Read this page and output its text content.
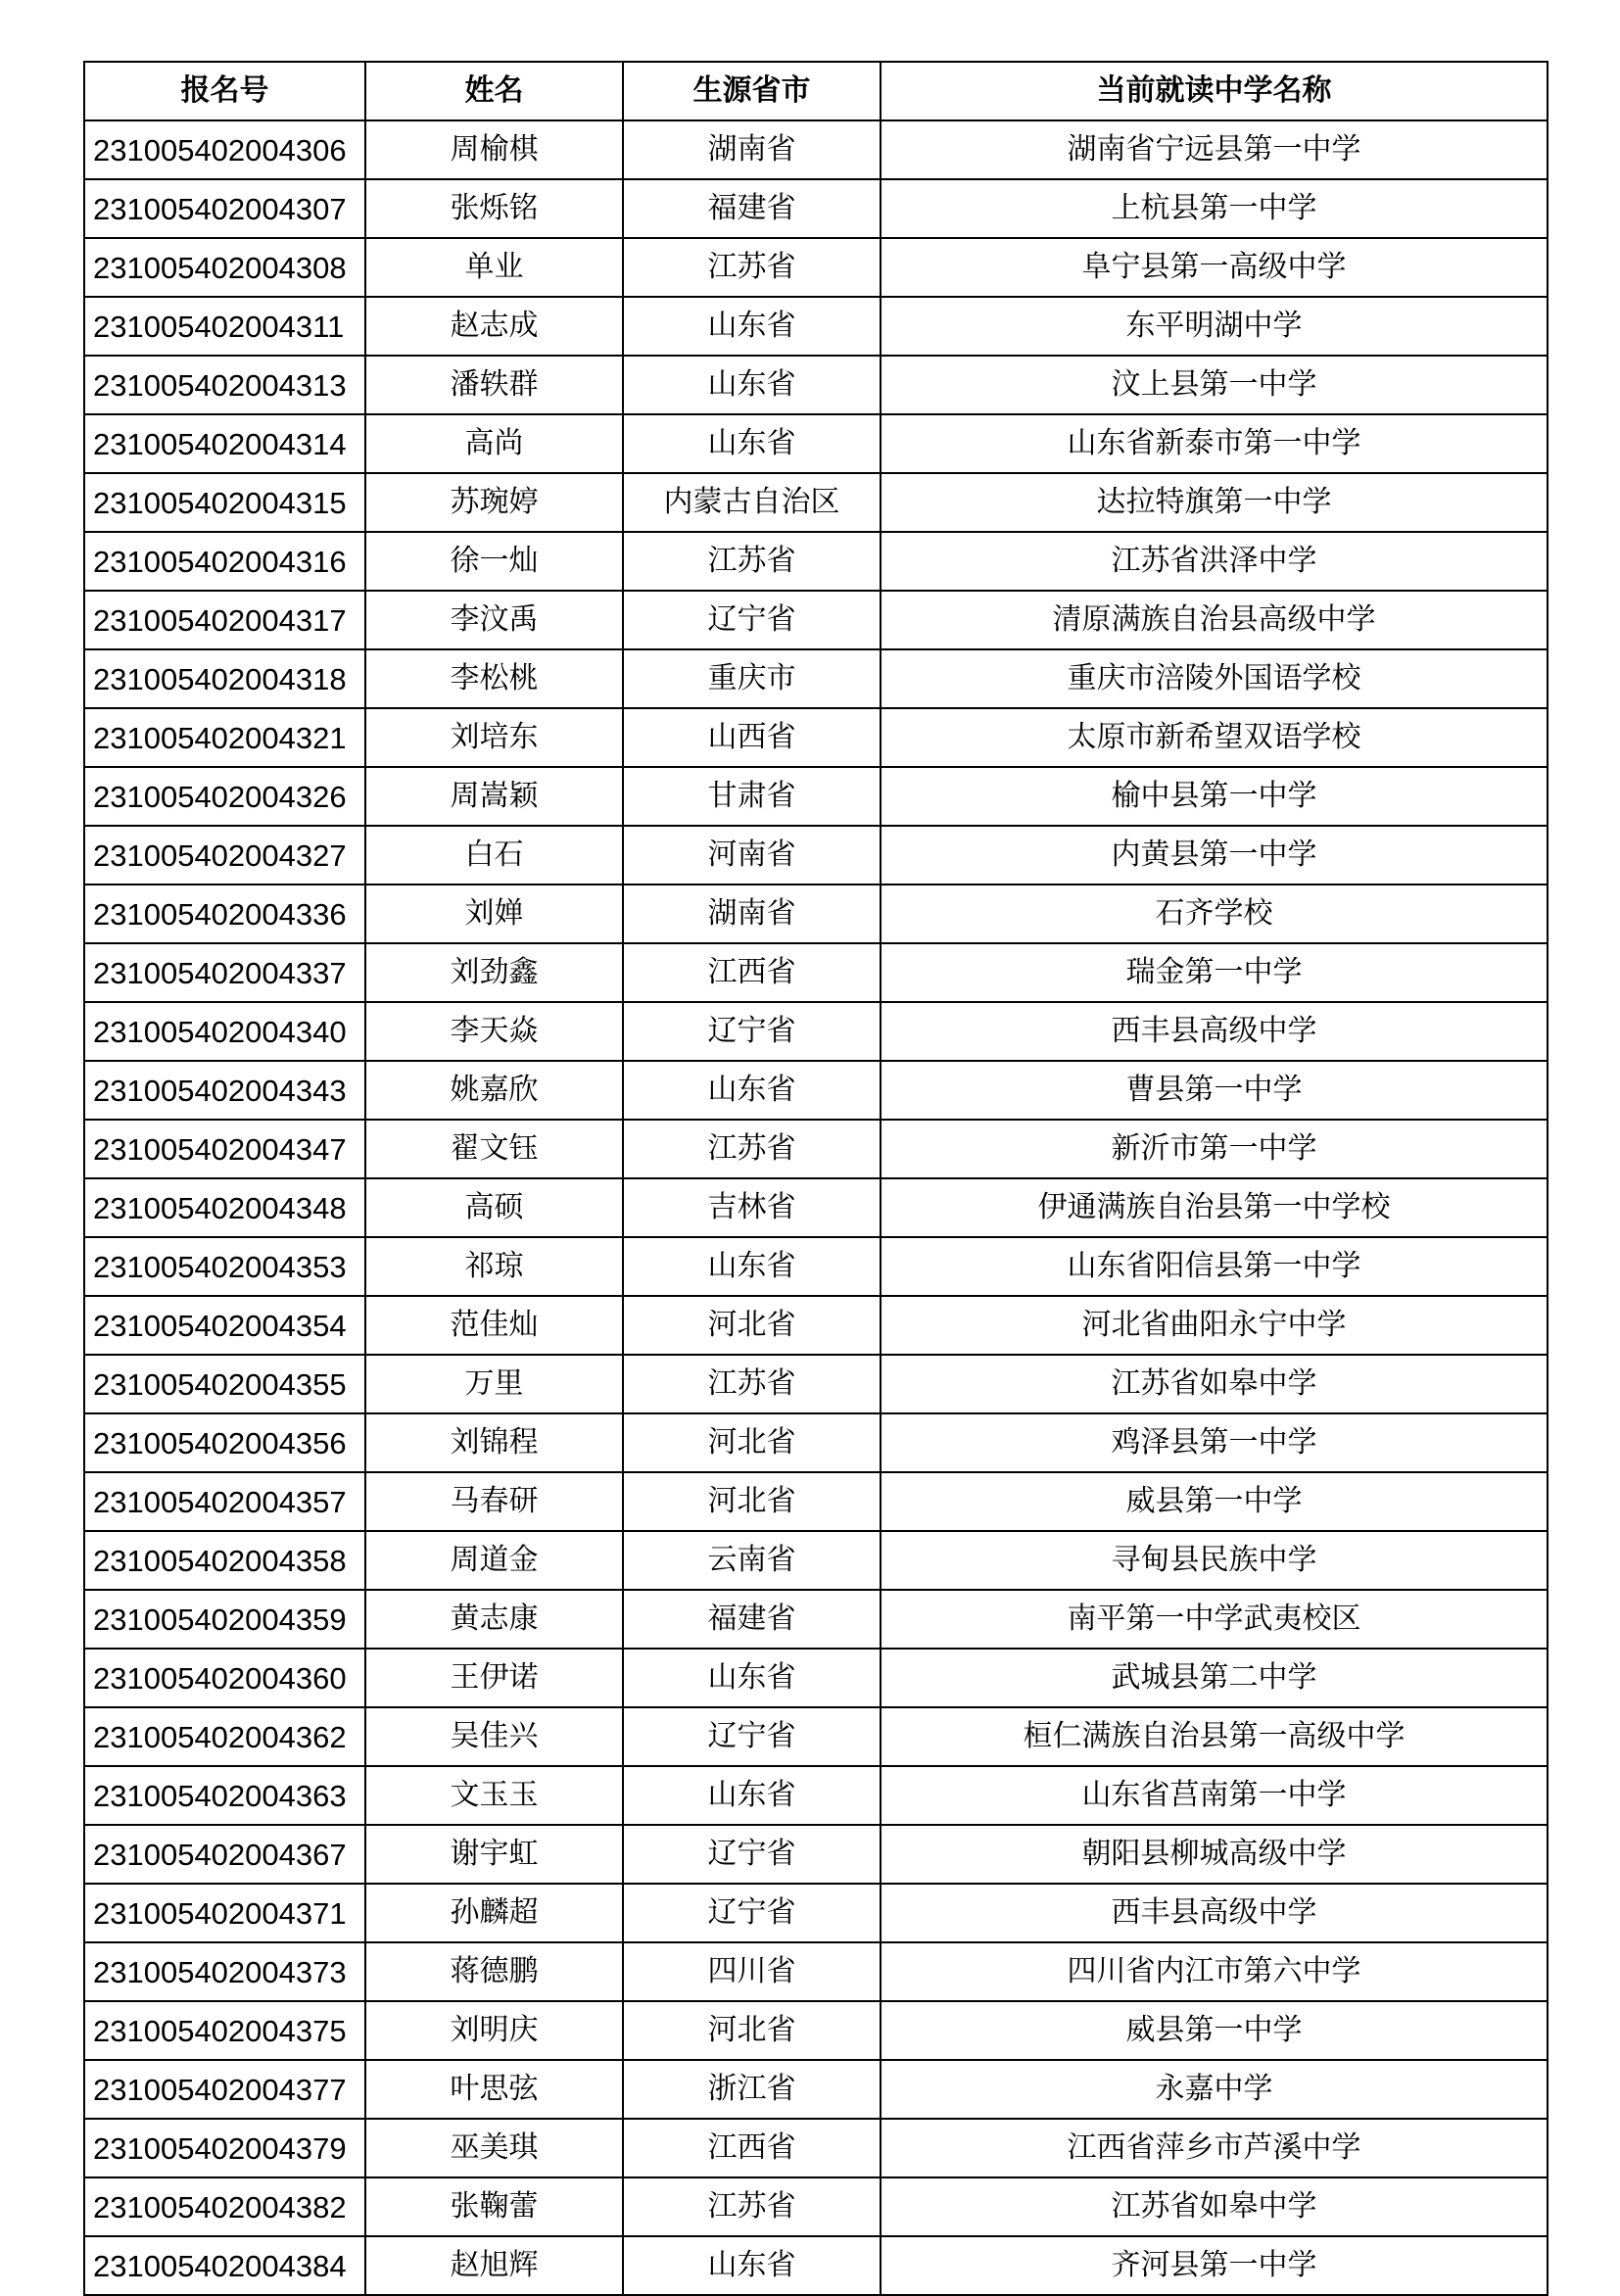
报名号	姓名	生源省市	当前就读中学名称
231005402004306	周榆棋	湖南省	湖南省宁远县第一中学
231005402004307	张烁铭	福建省	上杭县第一中学
231005402004308	单业	江苏省	阜宁县第一高级中学
231005402004311	赵志成	山东省	东平明湖中学
231005402004313	潘轶群	山东省	汶上县第一中学
231005402004314	高尚	山东省	山东省新泰市第一中学
231005402004315	苏琬婷	内蒙古自治区	达拉特旗第一中学
231005402004316	徐一灿	江苏省	江苏省洪泽中学
231005402004317	李汶禹	辽宁省	清原满族自治县高级中学
231005402004318	李松桃	重庆市	重庆市涪陵外国语学校
231005402004321	刘培东	山西省	太原市新希望双语学校
231005402004326	周嵩颖	甘肃省	榆中县第一中学
231005402004327	白石	河南省	内黄县第一中学
231005402004336	刘婵	湖南省	石齐学校
231005402004337	刘劲鑫	江西省	瑞金第一中学
231005402004340	李天焱	辽宁省	西丰县高级中学
231005402004343	姚嘉欣	山东省	曹县第一中学
231005402004347	翟文钰	江苏省	新沂市第一中学
231005402004348	高硕	吉林省	伊通满族自治县第一中学校
231005402004353	祁琼	山东省	山东省阳信县第一中学
231005402004354	范佳灿	河北省	河北省曲阳永宁中学
231005402004355	万里	江苏省	江苏省如皋中学
231005402004356	刘锦程	河北省	鸡泽县第一中学
231005402004357	马春研	河北省	威县第一中学
231005402004358	周道金	云南省	寻甸县民族中学
231005402004359	黄志康	福建省	南平第一中学武夷校区
231005402004360	王伊诺	山东省	武城县第二中学
231005402004362	吴佳兴	辽宁省	桓仁满族自治县第一高级中学
231005402004363	文玉玉	山东省	山东省莒南第一中学
231005402004367	谢宇虹	辽宁省	朝阳县柳城高级中学
231005402004371	孙麟超	辽宁省	西丰县高级中学
231005402004373	蒋德鹏	四川省	四川省内江市第六中学
231005402004375	刘明庆	河北省	威县第一中学
231005402004377	叶思弦	浙江省	永嘉中学
231005402004379	巫美琪	江西省	江西省萍乡市芦溪中学
231005402004382	张鞠蕾	江苏省	江苏省如皋中学
231005402004384	赵旭辉	山东省	齐河县第一中学
